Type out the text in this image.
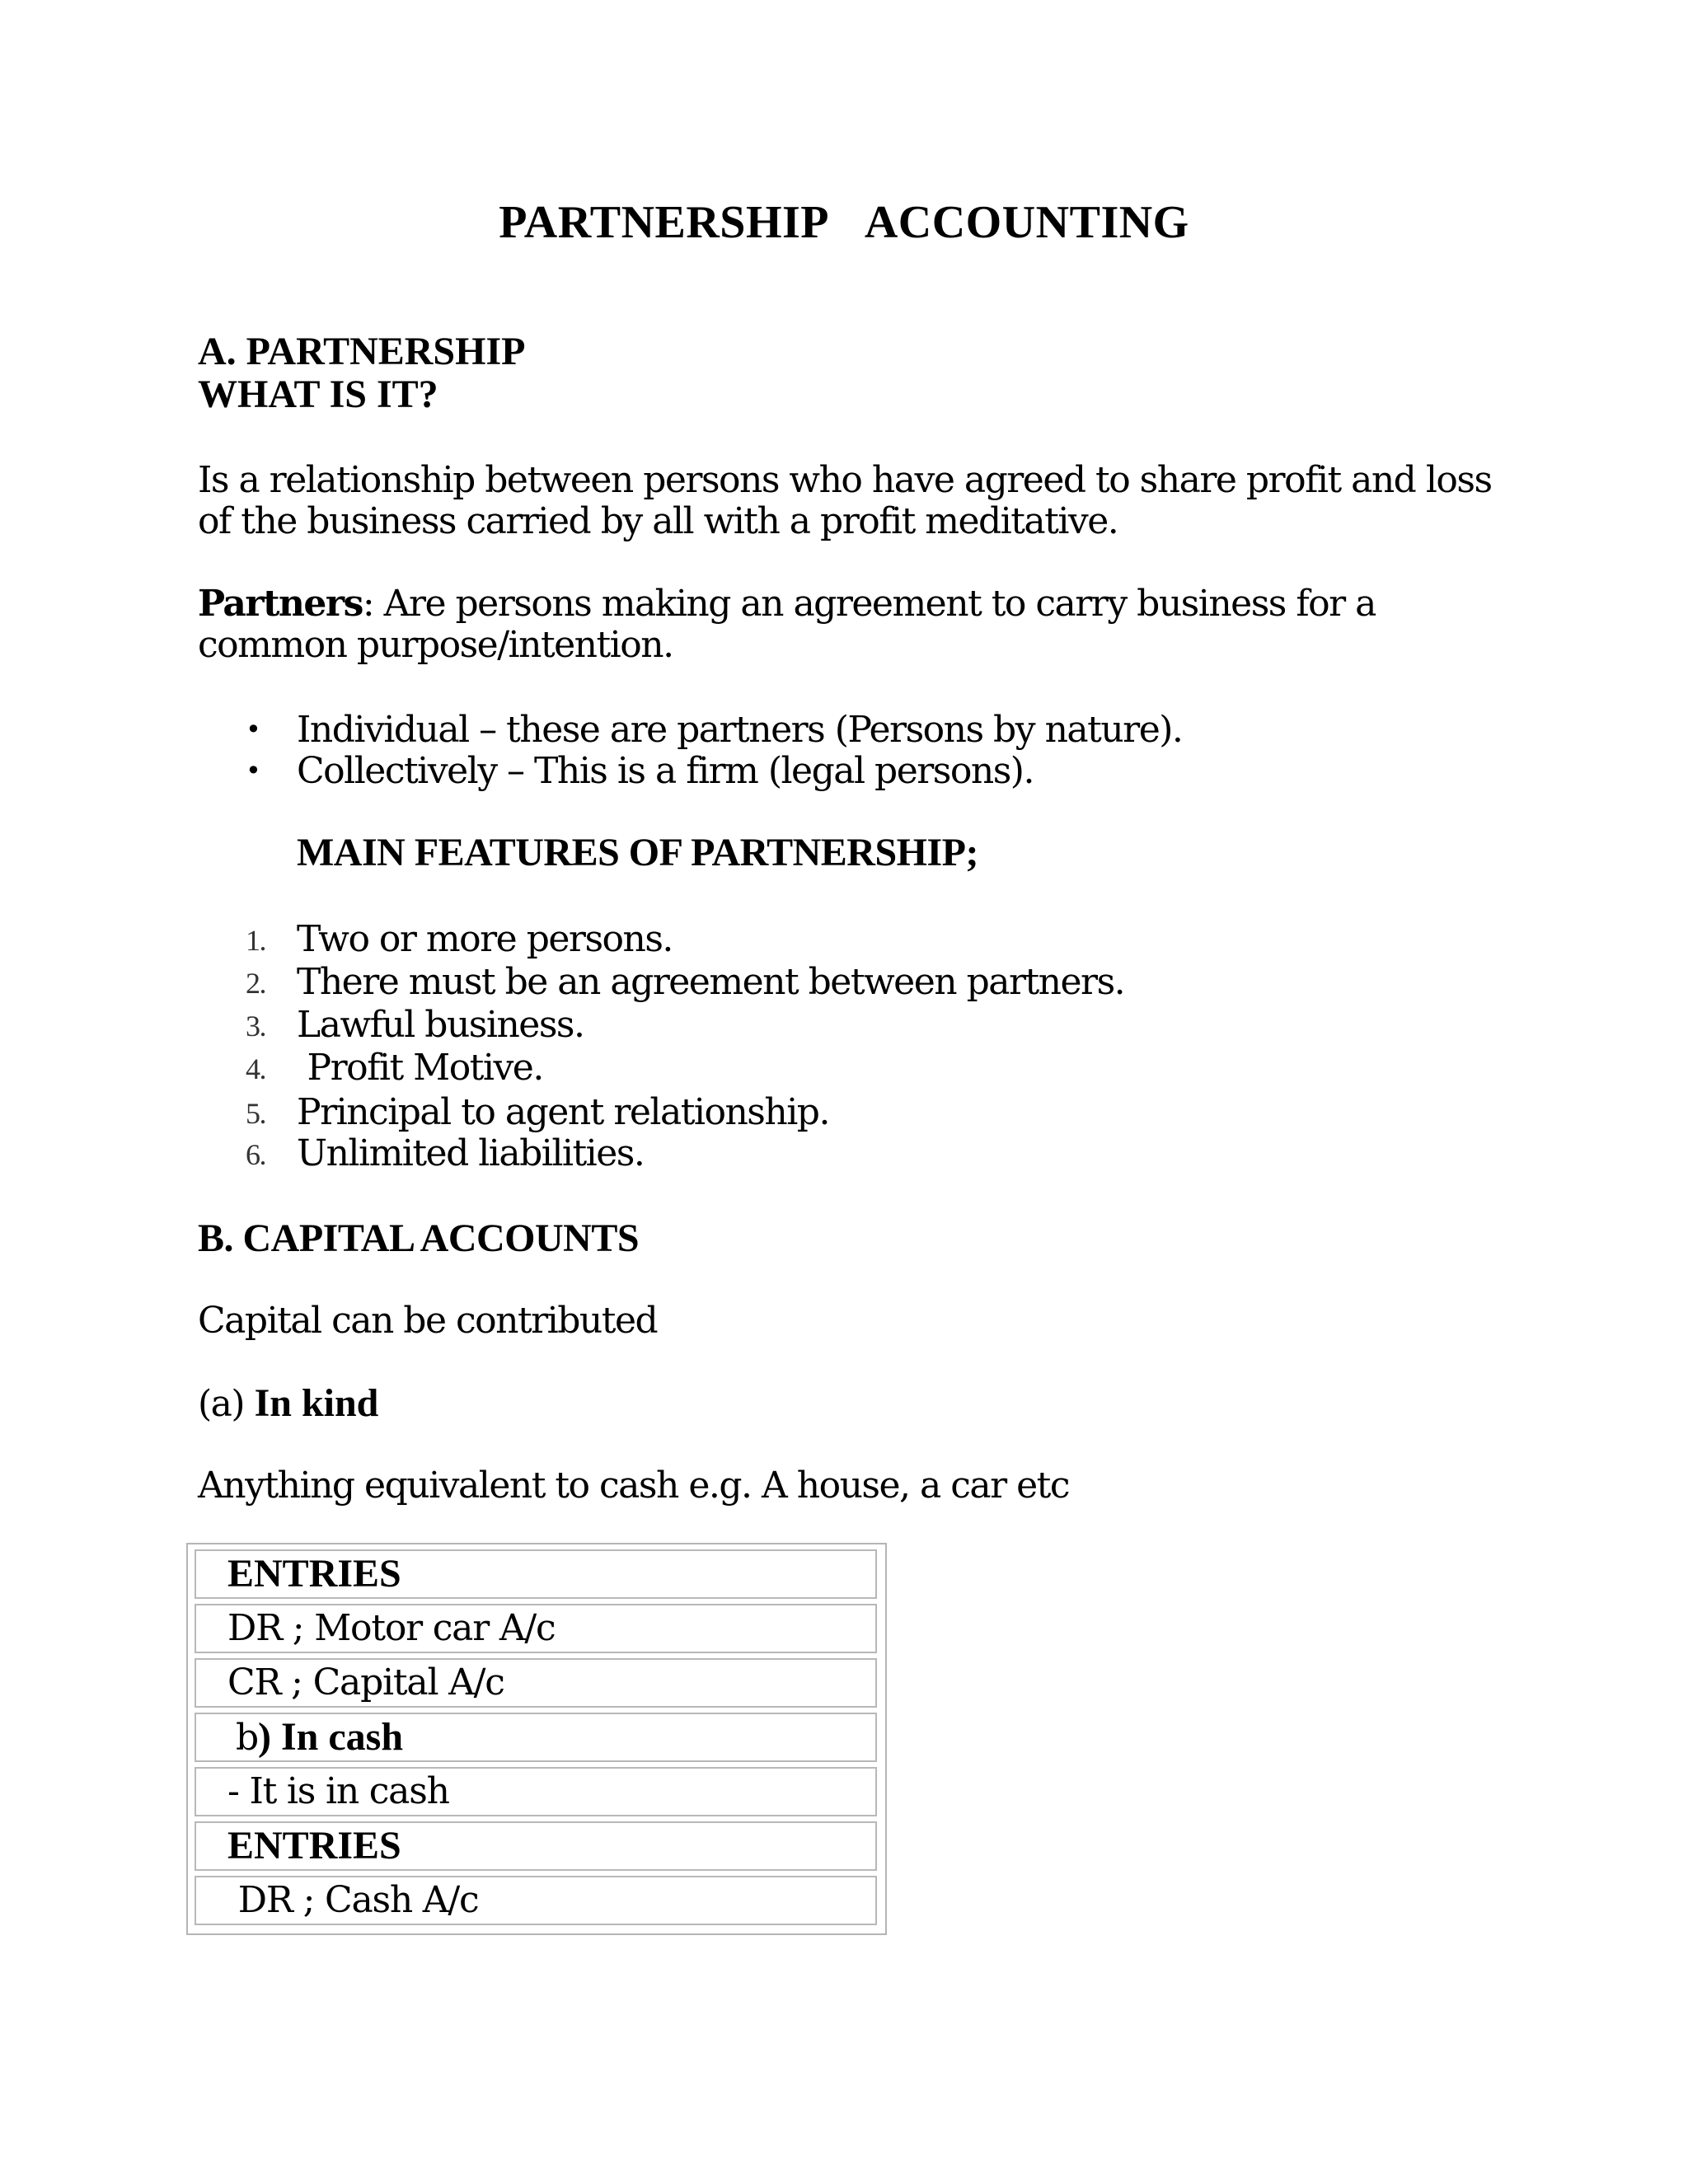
PARTNERSHIP  ACCOUNTING
A. PARTNERSHIP
WHAT IS IT?
Is a relationship between persons who have agreed to share profit and loss
of the business carried by all with a profit meditative.
Partners: Are persons making an agreement to carry business for a
common purpose/intention.
• Individual – these are partners (Persons by nature).
• Collectively – This is a firm (legal persons).
MAIN FEATURES OF PARTNERSHIP;
1. Two or more persons.
2. There must be an agreement between partners.
3. Lawful business.
4. Profit Motive.
5. Principal to agent relationship.
6. Unlimited liabilities.
B. CAPITAL ACCOUNTS
Capital can be contributed
(a) In kind
Anything equivalent to cash e.g. A house, a car etc
ENTRIES
DR ; Motor car A/c
CR ; Capital A/c
b) In cash
- It is in cash
ENTRIES
DR ; Cash A/c
